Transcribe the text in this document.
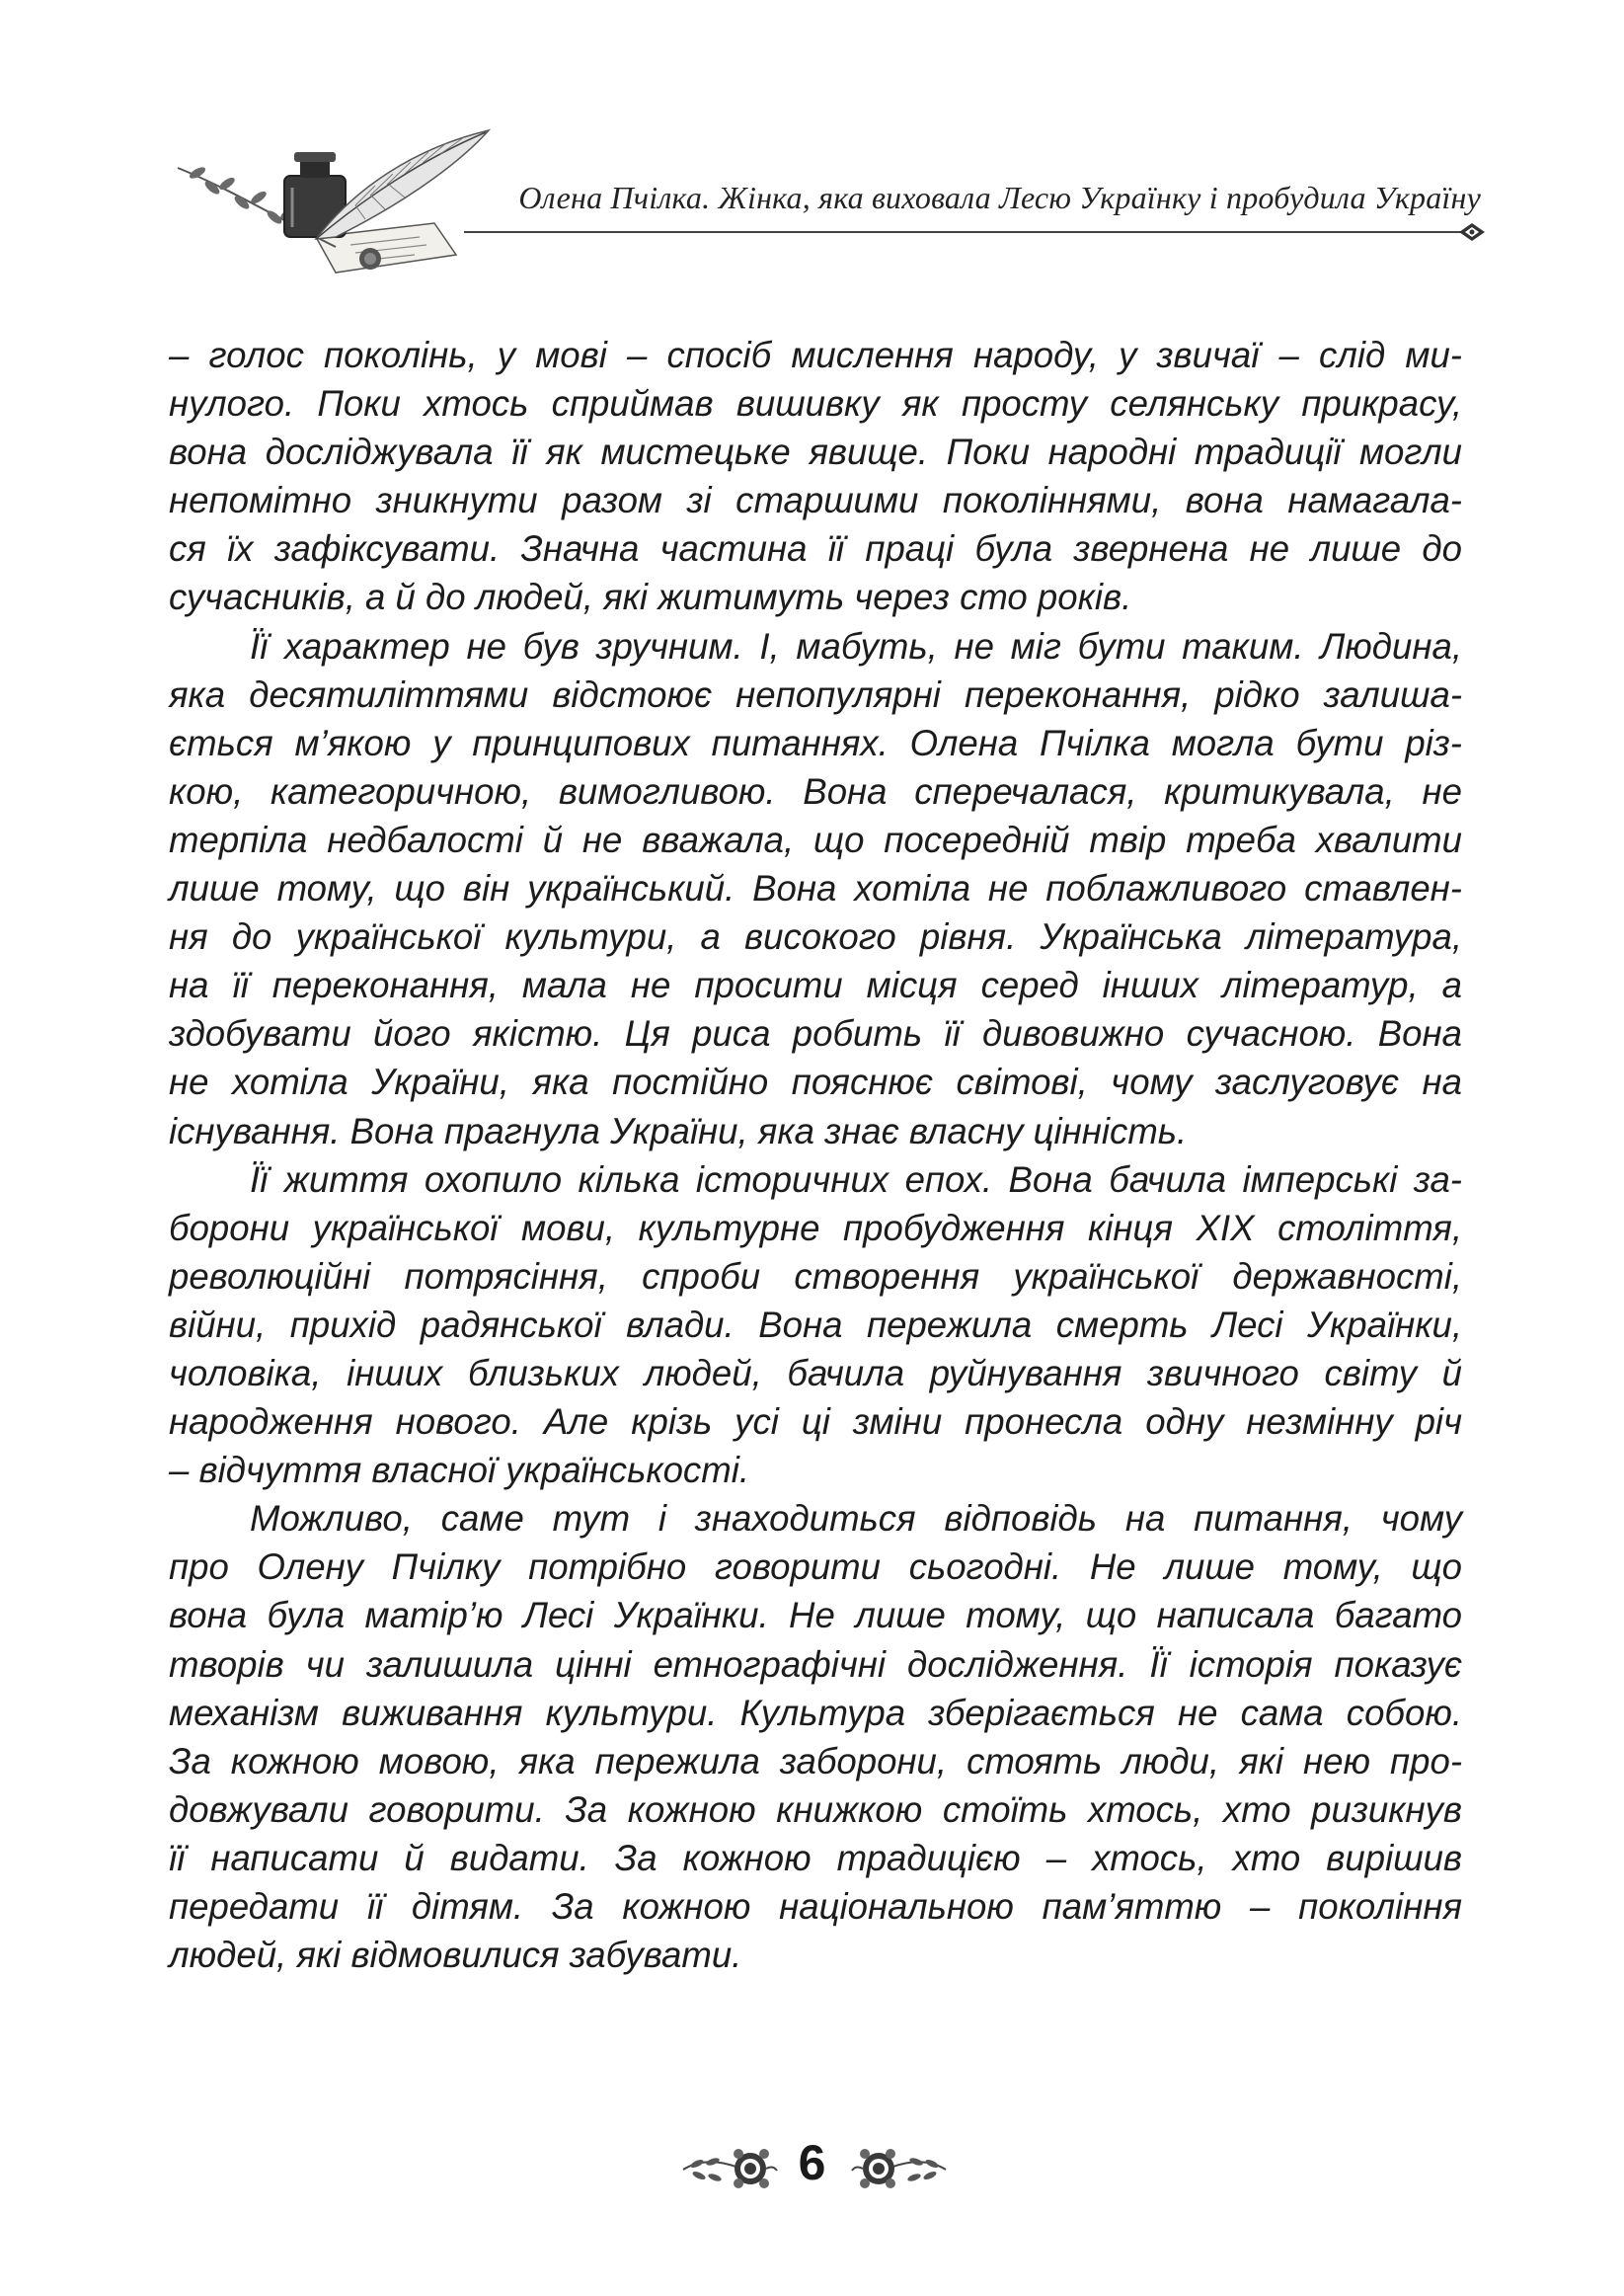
Олена Пчілка. Жінка, яка виховала Лесю Українку і пробудила Україну
– голос поколінь, у мові – спосіб мислення народу, у звичаї – слід ми-
нулого. Поки хтось сприймав вишивку як просту селянську прикрасу,
вона досліджувала її як мистецьке явище. Поки народні традиції могли
непомітно зникнути разом зі старшими поколіннями, вона намагала-
ся їх зафіксувати. Значна частина її праці була звернена не лише до
сучасників, а й до людей, які житимуть через сто років.
Її характер не був зручним. І, мабуть, не міг бути таким. Людина,
яка десятиліттями відстоює непопулярні переконання, рідко залиша-
ється м’якою у принципових питаннях. Олена Пчілка могла бути різ-
кою, категоричною, вимогливою. Вона сперечалася, критикувала, не
терпіла недбалості й не вважала, що посередній твір треба хвалити
лише тому, що він український. Вона хотіла не поблажливого ставлен-
ня до української культури, а високого рівня. Українська література,
на її переконання, мала не просити місця серед інших літератур, а
здобувати його якістю. Ця риса робить її дивовижно сучасною. Вона
не хотіла України, яка постійно пояснює світові, чому заслуговує на
існування. Вона прагнула України, яка знає власну цінність.
Її життя охопило кілька історичних епох. Вона бачила імперські за-
борони української мови, культурне пробудження кінця XIX століття,
революційні потрясіння, спроби створення української державності,
війни, прихід радянської влади. Вона пережила смерть Лесі Українки,
чоловіка, інших близьких людей, бачила руйнування звичного світу й
народження нового. Але крізь усі ці зміни пронесла одну незмінну річ
– відчуття власної українськості.
Можливо, саме тут і знаходиться відповідь на питання, чому
про Олену Пчілку потрібно говорити сьогодні. Не лише тому, що
вона була матір’ю Лесі Українки. Не лише тому, що написала багато
творів чи залишила цінні етнографічні дослідження. Її історія показує
механізм виживання культури. Культура зберігається не сама собою.
За кожною мовою, яка пережила заборони, стоять люди, які нею про-
довжували говорити. За кожною книжкою стоїть хтось, хто ризикнув
її написати й видати. За кожною традицією – хтось, хто вирішив
передати її дітям. За кожною національною пам’яттю – покоління
людей, які відмовилися забувати.
6
